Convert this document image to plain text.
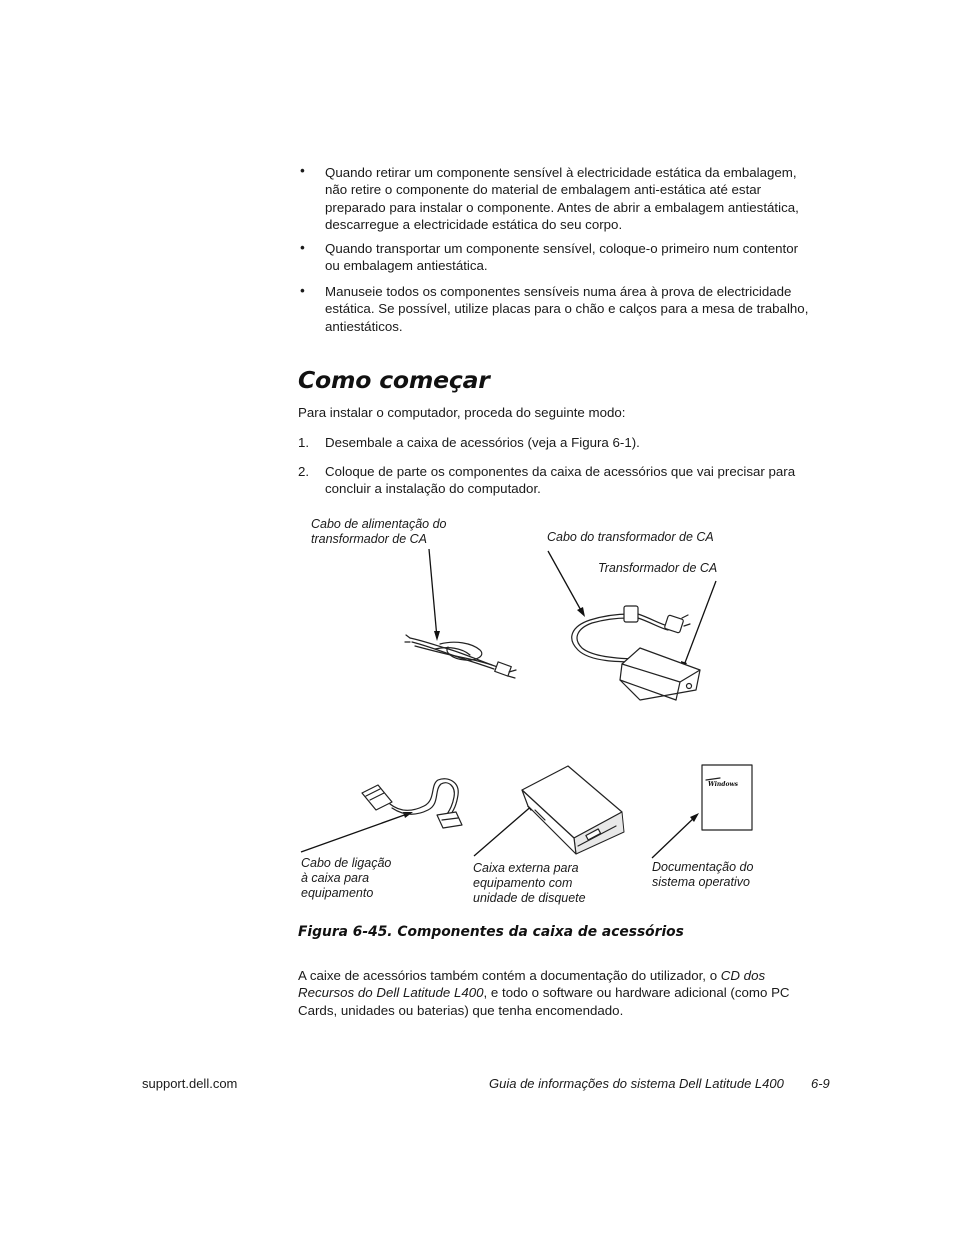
• Quando retirar um componente sensível à electricidade estática da embalagem,
não retire o componente do material de embalagem anti-estática até estar
preparado para instalar o componente. Antes de abrir a embalagem antiestática,
descarregue a electricidade estática do seu corpo.
• Quando transportar um componente sensível, coloque-o primeiro num contentor
ou embalagem antiestática.
• Manuseie todos os componentes sensíveis numa área à prova de electricidade
estática. Se possível, utilize placas para o chão e calços para a mesa de trabalho,
antiestáticos.
Como começar
Para instalar o computador, proceda do seguinte modo:
1. Desembale a caixa de acessórios (veja a Figura 6-1).
2. Coloque de parte os componentes da caixa de acessórios que vai precisar para
concluir a instalação do computador.
Cabo de alimentação do
transformador de CA	Cabo do transformador de CA
Transformador de CA
Cabo de ligação
à caixa para
equipamento
Caixa externa para
equipamento com
unidade de disquete
Documentação do
sistema operativo
Windows
Figura 6-45. Componentes da caixa de acessórios
A caixe de acessórios também contém a documentação do utilizador, o CD dos
Recursos do Dell Latitude L400, e todo o software ou hardware adicional (como PC
Cards, unidades ou baterias) que tenha encomendado.
support.dell.com	Guia de informações do sistema Dell Latitude L400 6-9
